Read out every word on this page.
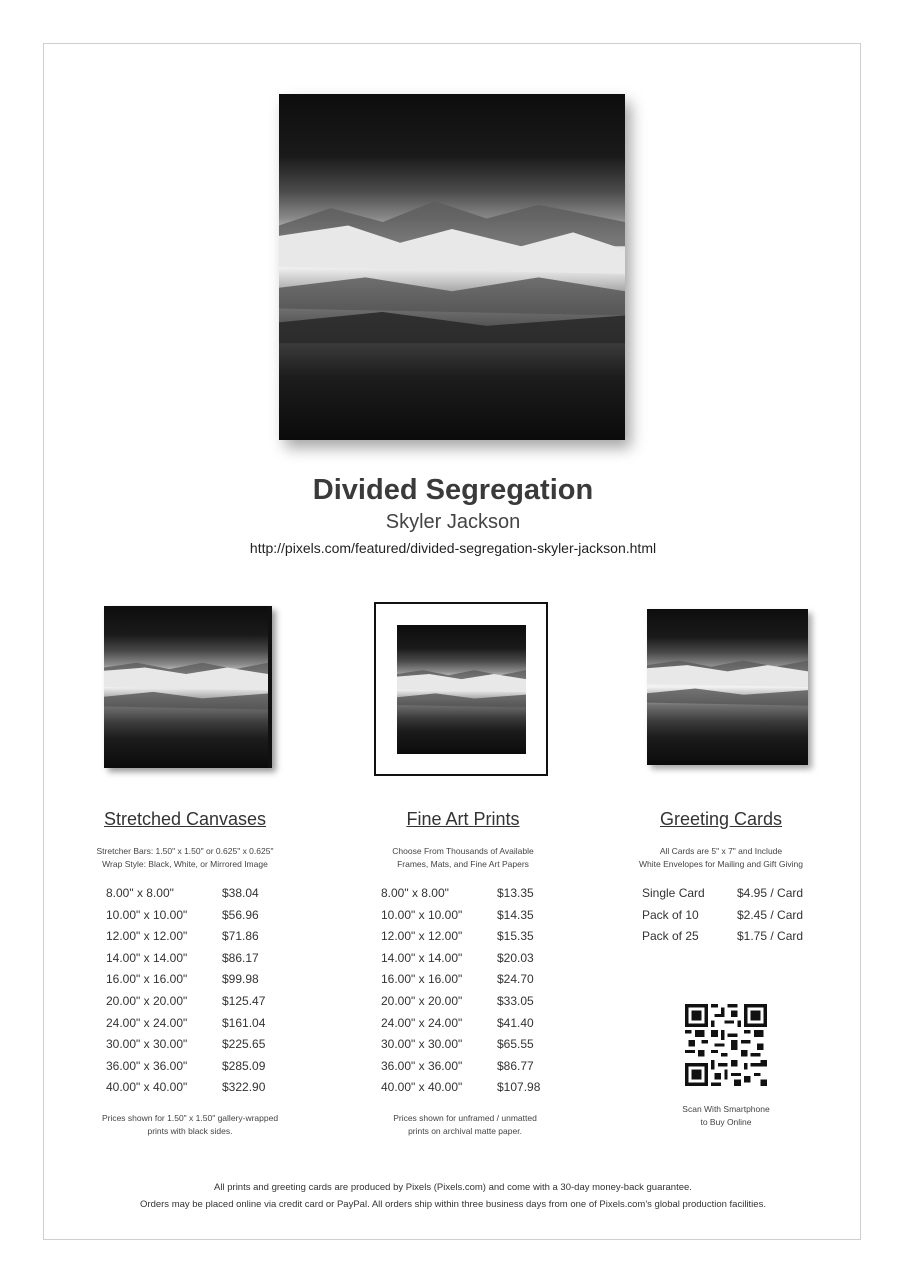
Divided Segregation
Skyler Jackson
http://pixels.com/featured/divided-segregation-skyler-jackson.html
Stretched Canvases
Stretcher Bars: 1.50" x 1.50" or 0.625" x 0.625"
Wrap Style: Black, White, or Mirrored Image
8.00" x 8.00"	$38.04
10.00" x 10.00"	$56.96
12.00" x 12.00"	$71.86
14.00" x 14.00"	$86.17
16.00" x 16.00"	$99.98
20.00" x 20.00"	$125.47
24.00" x 24.00"	$161.04
30.00" x 30.00"	$225.65
36.00" x 36.00"	$285.09
40.00" x 40.00"	$322.90
Prices shown for 1.50" x 1.50" gallery-wrapped
prints with black sides.
Fine Art Prints
Choose From Thousands of Available
Frames, Mats, and Fine Art Papers
8.00" x 8.00"	$13.35
10.00" x 10.00"	$14.35
12.00" x 12.00"	$15.35
14.00" x 14.00"	$20.03
16.00" x 16.00"	$24.70
20.00" x 20.00"	$33.05
24.00" x 24.00"	$41.40
30.00" x 30.00"	$65.55
36.00" x 36.00"	$86.77
40.00" x 40.00"	$107.98
Prices shown for unframed / unmatted
prints on archival matte paper.
Greeting Cards
All Cards are 5" x 7" and Include
White Envelopes for Mailing and Gift Giving
Single Card	$4.95 / Card
Pack of 10	$2.45 / Card
Pack of 25	$1.75 / Card
Scan With Smartphone
to Buy Online
All prints and greeting cards are produced by Pixels (Pixels.com) and come with a 30-day money-back guarantee.
Orders may be placed online via credit card or PayPal. All orders ship within three business days from one of Pixels.com's global production facilities.
